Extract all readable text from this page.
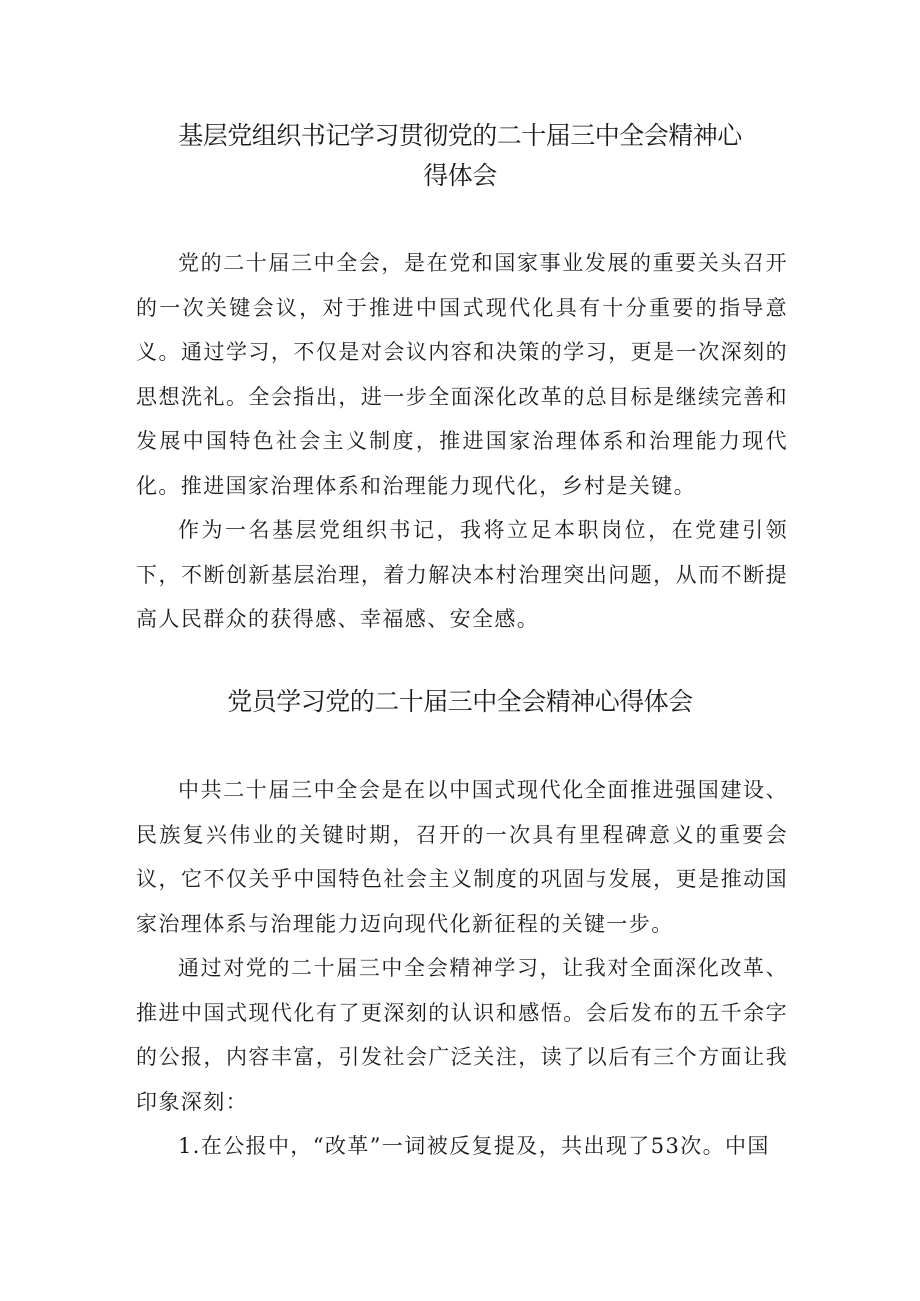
基层党组织书记学习贯彻党的二十届三中全会精神心
得体会

党的二十届三中全会，是在党和国家事业发展的重要关头召开的一次关键会议，对于推进中国式现代化具有十分重要的指导意义。通过学习，不仅是对会议内容和决策的学习，更是一次深刻的思想洗礼。全会指出，进一步全面深化改革的总目标是继续完善和发展中国特色社会主义制度，推进国家治理体系和治理能力现代化。推进国家治理体系和治理能力现代化，乡村是关键。

作为一名基层党组织书记，我将立足本职岗位，在党建引领下，不断创新基层治理，着力解决本村治理突出问题，从而不断提高人民群众的获得感、幸福感、安全感。

党员学习党的二十届三中全会精神心得体会

中共二十届三中全会是在以中国式现代化全面推进强国建设、民族复兴伟业的关键时期，召开的一次具有里程碑意义的重要会议，它不仅关乎中国特色社会主义制度的巩固与发展，更是推动国家治理体系与治理能力迈向现代化新征程的关键一步。

通过对党的二十届三中全会精神学习，让我对全面深化改革、推进中国式现代化有了更深刻的认识和感悟。会后发布的五千余字的公报，内容丰富，引发社会广泛关注，读了以后有三个方面让我印象深刻：

1.在公报中，“改革”一词被反复提及，共出现了53次。中国
